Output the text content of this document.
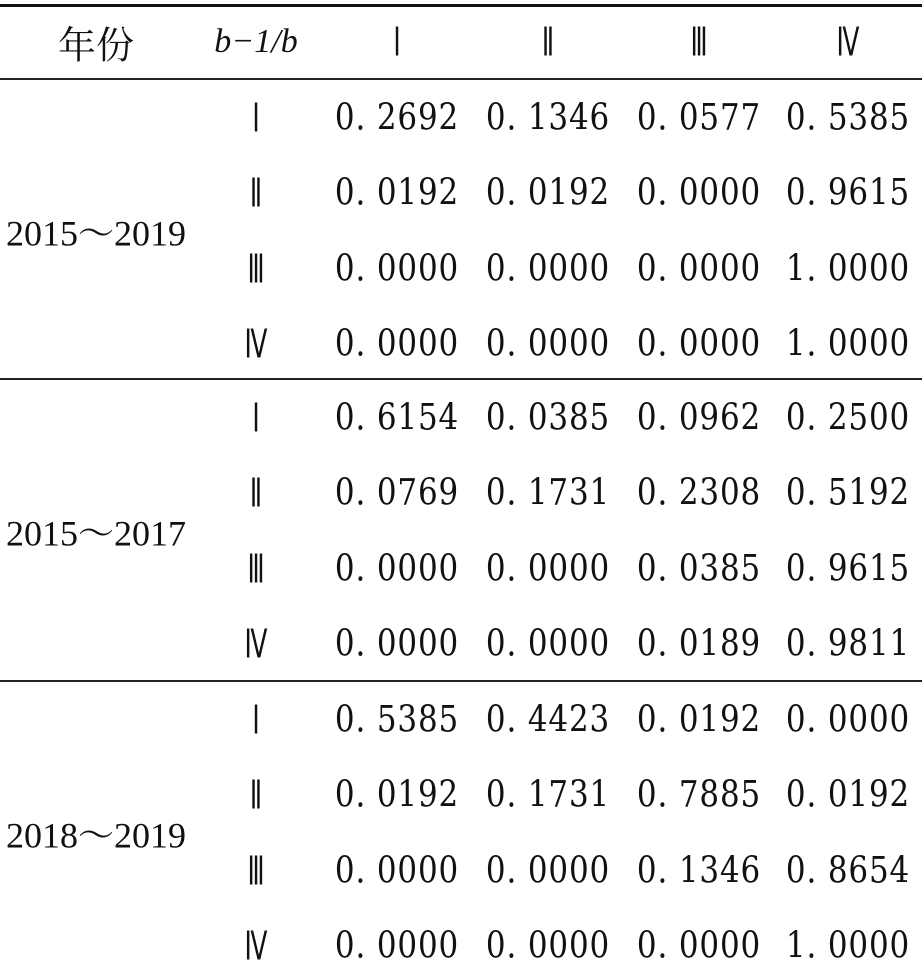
年份 b−1/b Ⅰ	Ⅱ	Ⅲ	Ⅳ
2015～2019
Ⅰ 0. 2692 0. 1346 0. 0577 0. 5385
Ⅱ 0. 0192 0. 0192 0. 0000 0. 9615
Ⅲ 0. 0000 0. 0000 0. 0000 1. 0000
Ⅳ 0. 0000 0. 0000 0. 0000 1. 0000
2015～2017
Ⅰ 0. 6154 0. 0385 0. 0962 0. 2500
Ⅱ 0. 0769 0. 1731 0. 2308 0. 5192
Ⅲ 0. 0000 0. 0000 0. 0385 0. 9615
Ⅳ 0. 0000 0. 0000 0. 0189 0. 9811
2018～2019
Ⅰ 0. 5385 0. 4423 0. 0192 0. 0000
Ⅱ 0. 0192 0. 1731 0. 7885 0. 0192
Ⅲ 0. 0000 0. 0000 0. 1346 0. 8654
Ⅳ 0. 0000 0. 0000 0. 0000 1. 0000
